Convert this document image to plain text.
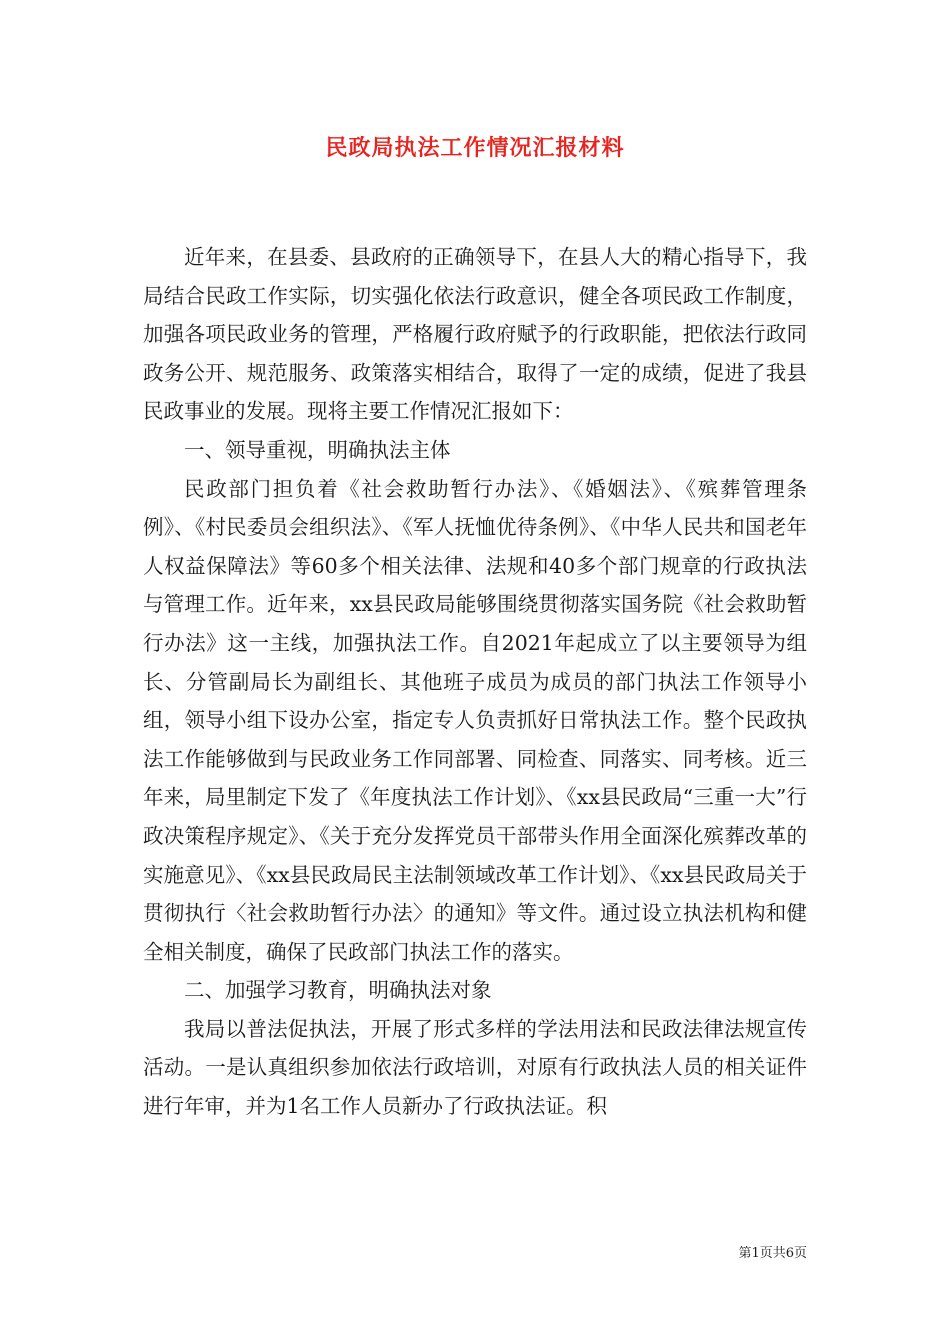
民政局执法工作情况汇报材料

近年来，在县委、县政府的正确领导下，在县人大的精心指导下，我局结合民政工作实际，切实强化依法行政意识，健全各项民政工作制度，加强各项民政业务的管理，严格履行政府赋予的行政职能，把依法行政同政务公开、规范服务、政策落实相结合，取得了一定的成绩，促进了我县民政事业的发展。现将主要工作情况汇报如下：

一、领导重视，明确执法主体

民政部门担负着《社会救助暂行办法》、《婚姻法》、《殡葬管理条例》、《村民委员会组织法》、《军人抚恤优待条例》、《中华人民共和国老年人权益保障法》等60多个相关法律、法规和40多个部门规章的行政执法与管理工作。近年来，xx县民政局能够围绕贯彻落实国务院《社会救助暂行办法》这一主线，加强执法工作。自2021年起成立了以主要领导为组长、分管副局长为副组长、其他班子成员为成员的部门执法工作领导小组，领导小组下设办公室，指定专人负责抓好日常执法工作。整个民政执法工作能够做到与民政业务工作同部署、同检查、同落实、同考核。近三年来，局里制定下发了《年度执法工作计划》、《xx县民政局“三重一大”行政决策程序规定》、《关于充分发挥党员干部带头作用全面深化殡葬改革的实施意见》、《xx县民政局民主法制领域改革工作计划》、《xx县民政局关于贯彻执行〈社会救助暂行办法〉的通知》等文件。通过设立执法机构和健全相关制度，确保了民政部门执法工作的落实。

二、加强学习教育，明确执法对象

我局以普法促执法，开展了形式多样的学法用法和民政法律法规宣传活动。一是认真组织参加依法行政培训，对原有行政执法人员的相关证件进行年审，并为1名工作人员新办了行政执法证。积

第1页共6页
